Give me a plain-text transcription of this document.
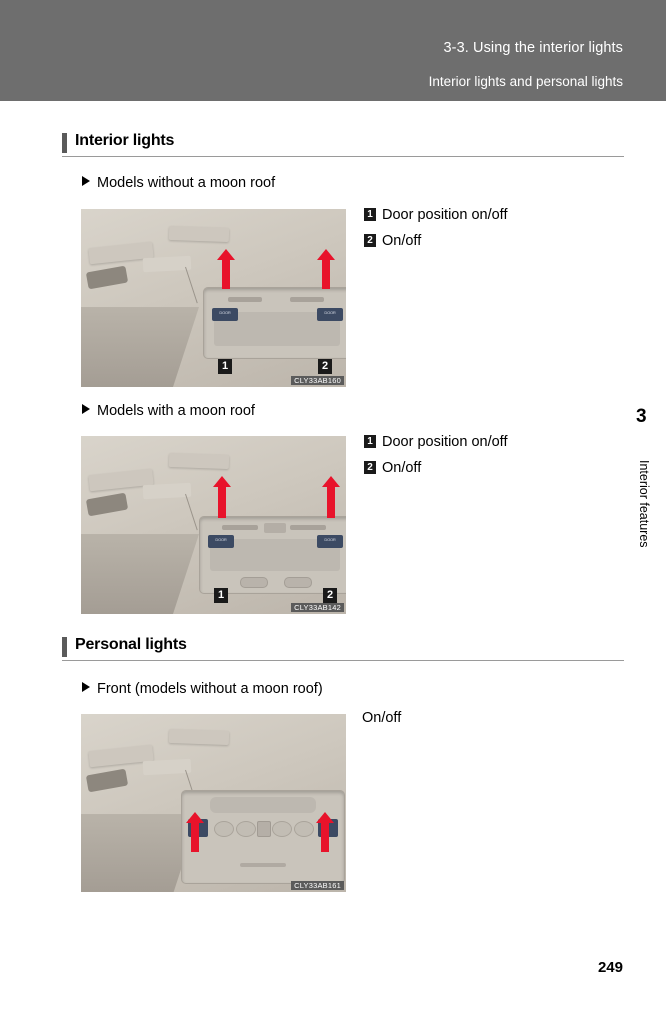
3-3. Using the interior lights
Interior lights and personal lights
Interior lights
Models without a moon roof
DOOR	DOOR
1	2
CLY33AB160
1 Door position on/off
2 On/off
Models with a moon roof
DOOR	DOOR
1	2
CLY33AB142
1 Door position on/off
2 On/off
Personal lights
Front (models without a moon roof)
CLY33AB161
On/off
3
Interior features
249
